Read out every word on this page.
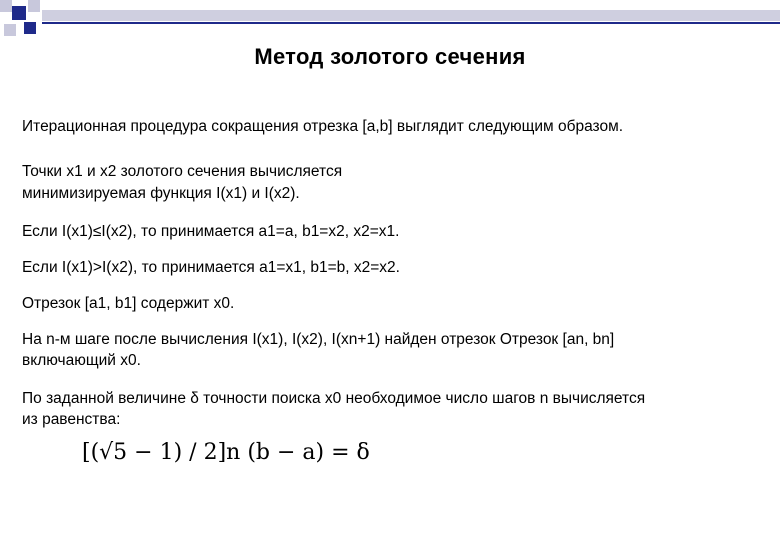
Метод золотого сечения
Итерационная процедура сокращения отрезка [a,b] выглядит следующим образом.
Точки x1 и x2 золотого сечения вычисляется
минимизируемая функция I(x1) и I(x2).
Если I(x1)≤I(x2), то принимается a1=a, b1=x2, x2=x1.
Если I(x1)>I(x2), то принимается a1=x1, b1=b, x2=x2.
Отрезок [a1, b1] содержит x0.
На n-м шаге после вычисления I(x1), I(x2), I(xn+1) найден отрезок Отрезок [an, bn]
включающий x0.
По заданной величине δ точности поиска x0 необходимое число шагов n вычисляется
из равенства:
[(√5 − 1) / 2]n (b − a) = δ
